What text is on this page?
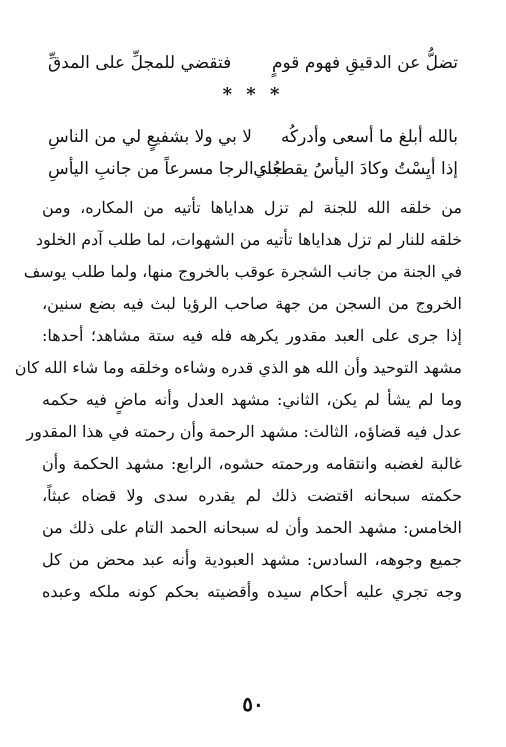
تضلُّ عن الدقيقِ فهوم قومٍ
فتقضي للمجلِّ على المدقِّ
* * *
بالله أبلغ ما أسعى وأدركُه
لا بي ولا بشفيعٍ لي من الناسِ
إذا أيِسْتُ وكادَ اليأسُ يقطعُني
جاء الرجا مسرعاً من جانبِ اليأسِ
من خلقه الله للجنة لم تزل هداياها تأتيه من المكاره، ومن
خلقه للنار لم تزل هداياها تأتيه من الشهوات، لما طلب آدم الخلود
في الجنة من جانب الشجرة عوقب بالخروج منها، ولما طلب يوسف
الخروج من السجن من جهة صاحب الرؤيا لبث فيه بضع سنين،
إذا جرى على العبد مقدور يكرهه فله فيه ستة مشاهد؛ أحدها:
مشهد التوحيد وأن الله هو الذي قدره وشاءه وخلقه وما شاء الله كان
وما لم يشأ لم يكن، الثاني: مشهد العدل وأنه ماضٍ فيه حكمه
عدل فيه قضاؤه، الثالث: مشهد الرحمة وأن رحمته في هذا المقدور
غالبة لغضبه وانتقامه ورحمته حشوه، الرابع: مشهد الحكمة وأن
حكمته سبحانه اقتضت ذلك لم يقدره سدى ولا قضاه عبثاً،
الخامس: مشهد الحمد وأن له سبحانه الحمد التام على ذلك من
جميع وجوهه، السادس: مشهد العبودية وأنه عبد محض من كل
وجه تجري عليه أحكام سيده وأقضيته بحكم كونه ملكه وعبده
٥٠
